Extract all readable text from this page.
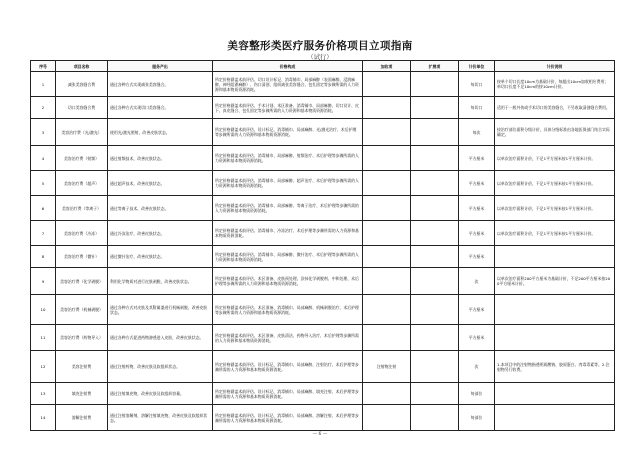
美容整形类医疗服务价格项目立项指南
（试行）
序号	项目名称	服务产出	价格构成	加收项	扩展项	计价单位	计价说明
1	减张美容缝合费	通过各种方式实现减张美容缝合。	所定价格涵盖术前评估、切口设计标记、消毒铺巾、局部麻醉（表面麻醉、浸润麻醉、神经阻滞麻醉）、伤口清创、组织减张美容缝合、包扎固定等步骤所需的人力资源和基本物质资源消耗。			每切口	按单个切口长度10cm为基础计价，每超出10cm加收相应费用；单切口长度不足10cm的按10cm计价。
2	切口美容缝合费	通过各种方式实现切口美容缝合。	所定价格涵盖术前评估、手术计划、术区准备、消毒铺巾、局部麻醉、切口设计、皮下、真皮缝合、包扎固定等步骤所需的人力资源和基本物质资源消耗。			每切口	适用于一般外伤或手术切口的美容缝合，不另收取清创缝合费用。
3	美容治疗费（光/激光）	使用光/激光照射，改善皮肤状态。	所定价格涵盖术前评估、设计标记、消毒铺巾、局部麻醉、光/激光治疗、术后护理等步骤所需的人力资源和基本物质资源消耗。			每次	按治疗部位面积分级计价，具体分级标准由各地医保部门结合实际确定。
4	美容治疗费（射频）	通过射频技术，改善皮肤状态。	所定价格涵盖术前评估、消毒铺巾、局部麻醉、射频治疗、术后护理等步骤所需的人力资源和基本物质资源消耗。			平方厘米	以单次治疗面积计价，不足1平方厘米按1平方厘米计价。
5	美容治疗费（超声）	通过超声技术，改善皮肤状态。	所定价格涵盖术前评估、消毒铺巾、局部麻醉、超声治疗、术后护理等步骤所需的人力资源和基本物质资源消耗。			平方厘米	以单次治疗面积计价，不足1平方厘米按1平方厘米计价。
6	美容治疗费（等离子）	通过等离子技术，改善皮肤状态。	所定价格涵盖术前评估、消毒铺巾、局部麻醉、等离子治疗、术后护理等步骤所需的人力资源和基本物质资源消耗。			平方厘米	以单次治疗面积计价，不足1平方厘米按1平方厘米计价。
7	美容治疗费（冷冻）	通过冷冻治疗，改善皮肤状态。	所定价格涵盖术前评估、消毒铺巾、冷冻治疗、术后护理等步骤所需的人力资源和基本物质资源消耗。			平方厘米	以单次治疗面积计价，不足1平方厘米按1平方厘米计价。
8	美容治疗费（微针）	通过微针治疗，改善皮肤状态。	所定价格涵盖术前评估、消毒铺巾、局部麻醉、微针治疗、术后护理等步骤所需的人力资源和基本物质资源消耗。			平方厘米	
9	美容治疗费（化学剥脱）	利用化学物质对进行皮肤剥脱，改善皮肤状态。	所定价格涵盖术前评估、术区准备、皮肤预处理、涂抹化学剥脱剂、中和处理、术后护理等步骤所需的人力资源和基本物质资源消耗。			次	以单次治疗面积200平方厘米为基础计价，不足200平方厘米按200平方厘米计价。
10	美容治疗费（机械剥脱）	通过各种方式对皮肤及其附属器进行机械剥脱，改善皮肤状态。	所定价格涵盖术前评估、术区准备、消毒铺巾、局部麻醉、机械剥脱治疗、术后护理等步骤所需的人力资源和基本物质资源消耗。			平方厘米	
11	美容治疗费（药物导入）	通过各种方式促进药物渗透进入皮肤，改善皮肤状态。	所定价格涵盖术前评估、术区准备、皮肤清洁、药物导入治疗、术后护理等步骤所需的人力资源和基本物质资源消耗。			平方厘米	
12	美容注射费	通过注射药物，改善皮肤及软组织状态。	所定价格涵盖术前评估、设计标记、消毒铺巾、局部麻醉、注射治疗、术后护理等步骤所需的人力资源和基本物质资源消耗。	注射物注射		次	1.本项目中的注射物指透明质酸钠、胶原蛋白、肉毒毒素等。2.注射物另行收费。
13	填充注射费	通过注射填充物，改善皮肤及软组织容量。	所定价格涵盖术前评估、设计标记、消毒铺巾、局部麻醉、填充注射、术后护理等步骤所需的人力资源和基本物质资源消耗。			每部位	
14	溶解注射费	通过注射溶解剂，溶解注射填充物，改善皮肤及软组织状态。	所定价格涵盖术前评估、设计标记、消毒铺巾、局部麻醉、溶解注射、术后护理等步骤所需的人力资源和基本物质资源消耗。			每部位	
— 6 —
